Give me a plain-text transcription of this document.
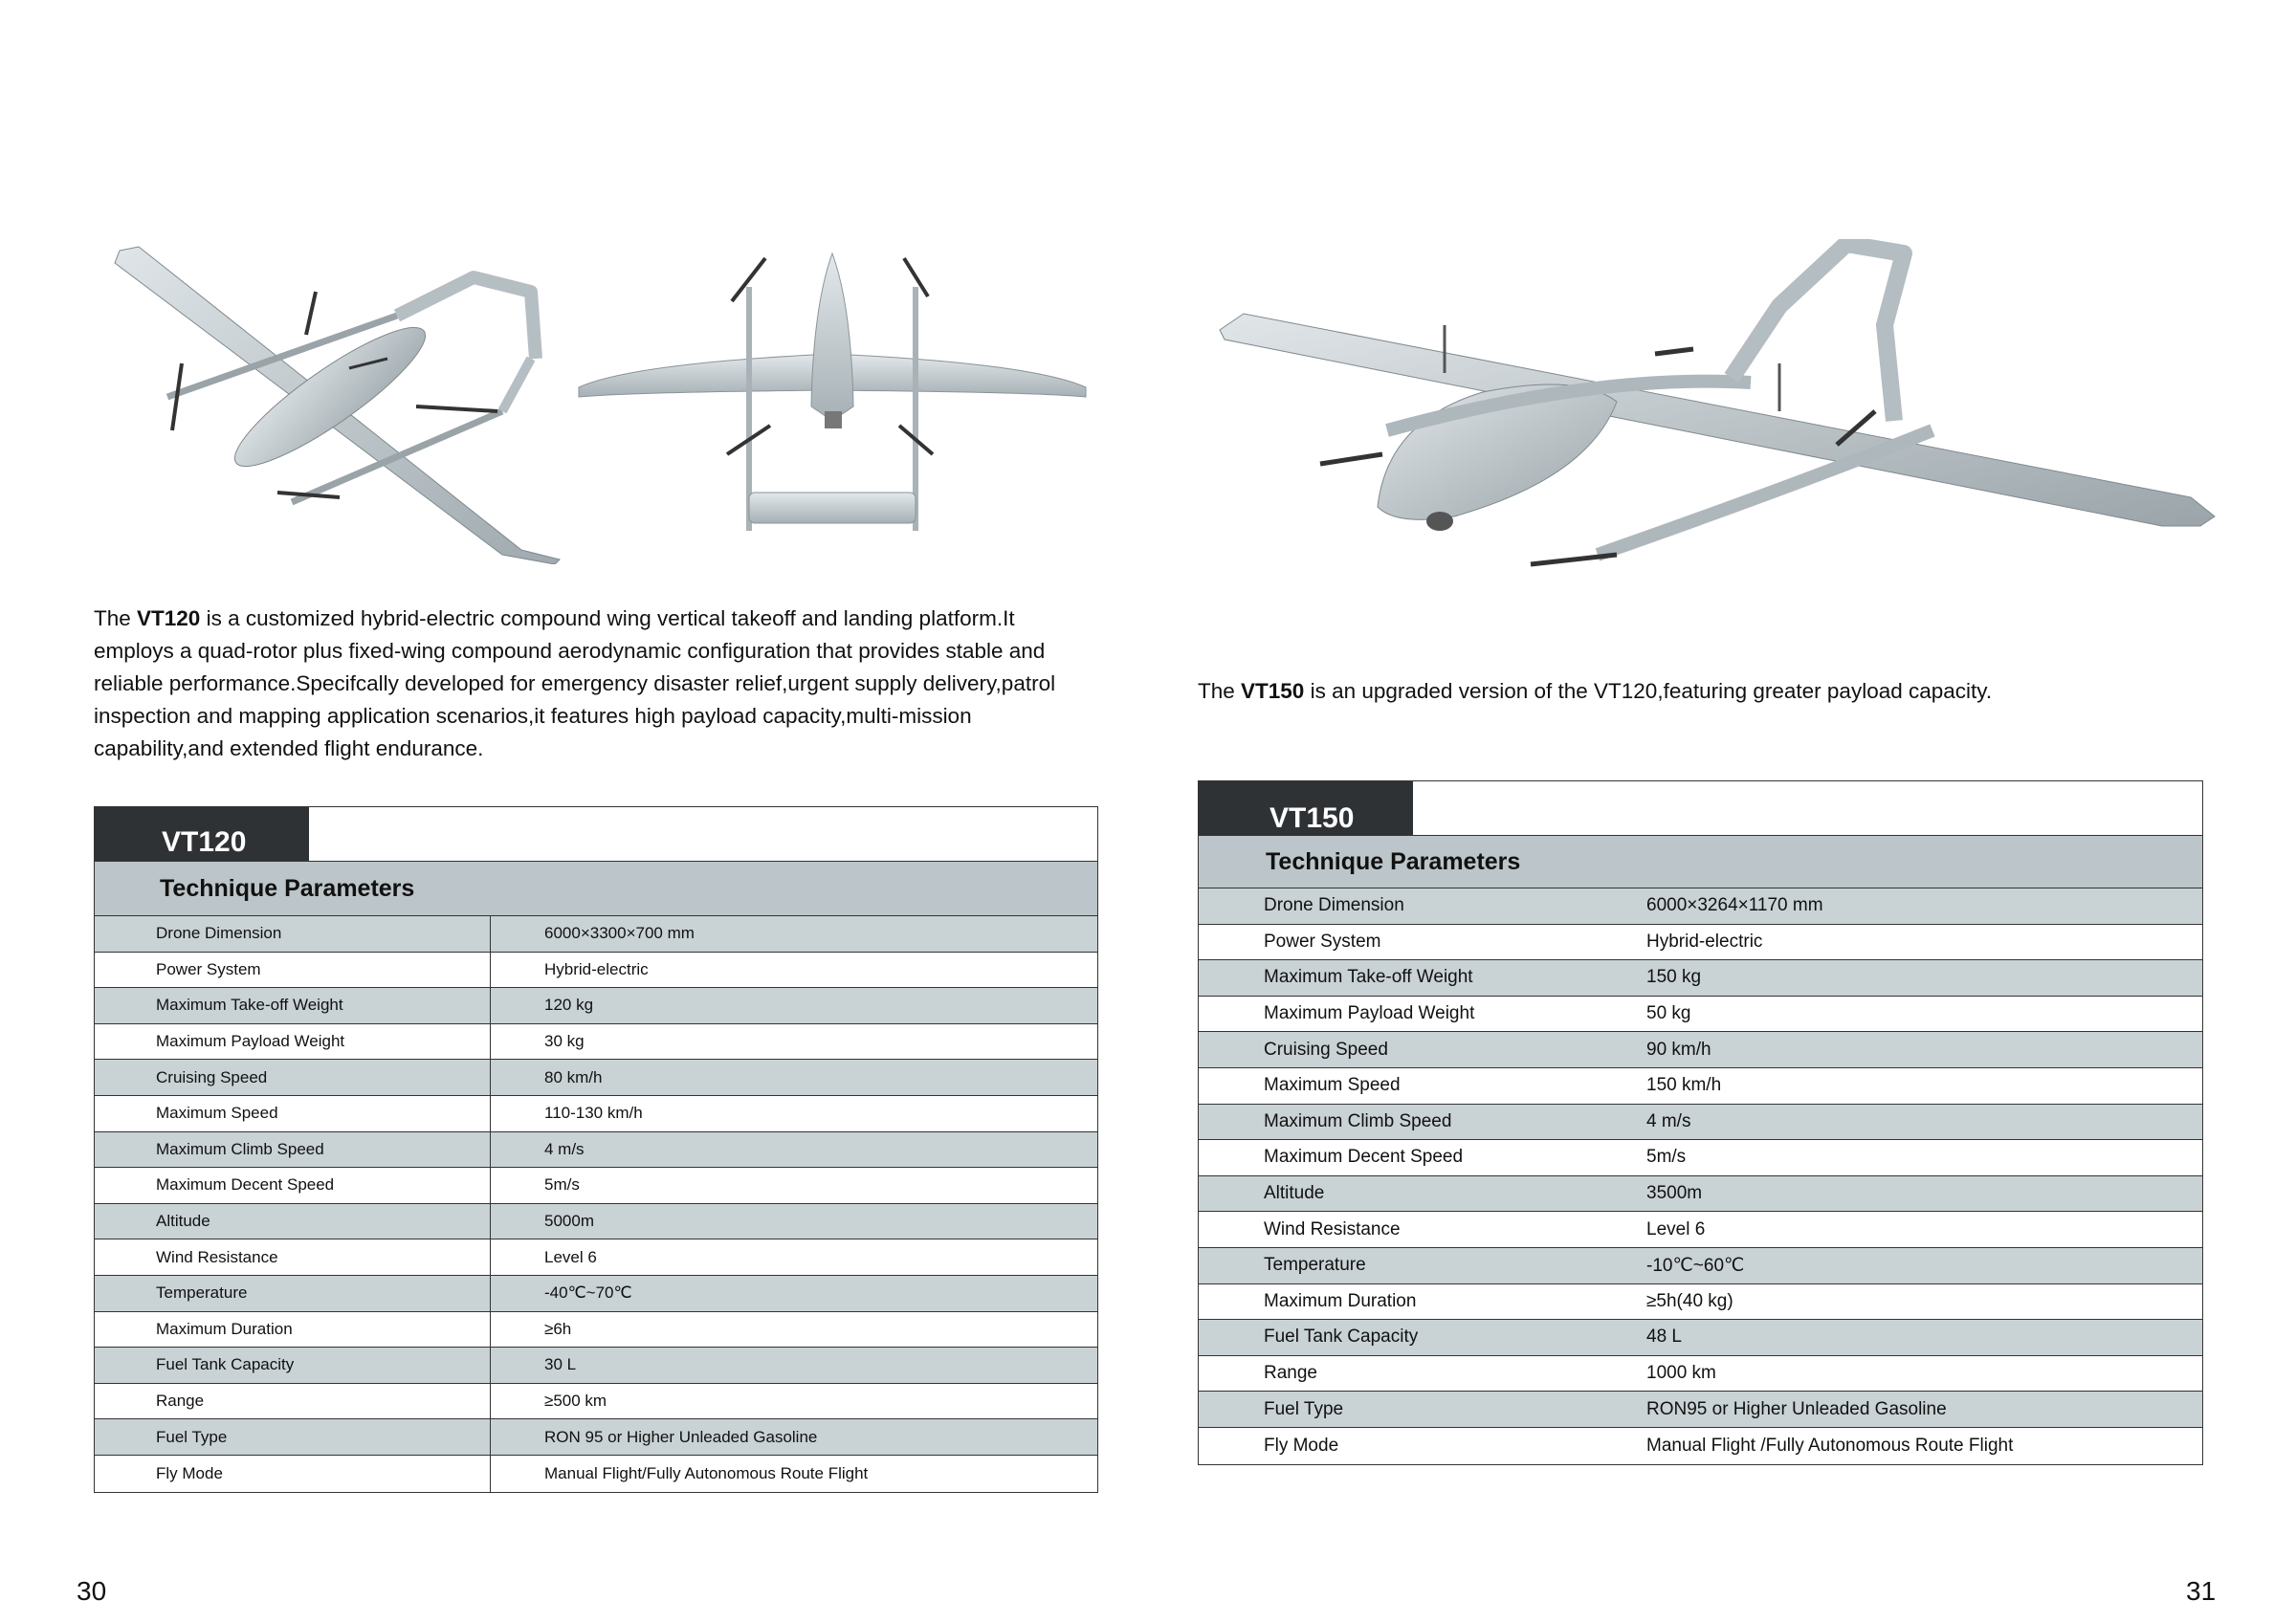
The VT120 is a customized hybrid-electric compound wing vertical takeoff and landing platform.It employs a quad-rotor plus fixed-wing compound aerodynamic configuration that provides stable and reliable performance.Specifcally developed for emergency disaster relief,urgent supply delivery,patrol inspection and mapping application scenarios,it features high payload capacity,multi-mission capability,and extended flight endurance.
The VT150 is an upgraded version of the VT120,featuring greater payload capacity.
VT120
Technique Parameters
Drone Dimension	6000×3300×700 mm
Power System	Hybrid-electric
Maximum Take-off Weight	120 kg
Maximum Payload Weight	30 kg
Cruising Speed	80 km/h
Maximum Speed	110-130 km/h
Maximum Climb Speed	4 m/s
Maximum Decent Speed	5m/s
Altitude	5000m
Wind Resistance	Level 6
Temperature	-40℃~70℃
Maximum Duration	≥6h
Fuel Tank Capacity	30 L
Range	≥500 km
Fuel Type	RON 95 or Higher Unleaded Gasoline
Fly Mode	Manual Flight/Fully Autonomous Route Flight
VT150
Technique Parameters
Drone Dimension	6000×3264×1170 mm
Power System	Hybrid-electric
Maximum Take-off Weight	150 kg
Maximum Payload Weight	50 kg
Cruising Speed	90 km/h
Maximum Speed	150 km/h
Maximum Climb Speed	4 m/s
Maximum Decent Speed	5m/s
Altitude	3500m
Wind Resistance	Level 6
Temperature	-10℃~60℃
Maximum Duration	≥5h(40 kg)
Fuel Tank Capacity	48 L
Range	1000 km
Fuel Type	RON95 or Higher Unleaded Gasoline
Fly Mode	Manual Flight /Fully Autonomous Route Flight
30	31
